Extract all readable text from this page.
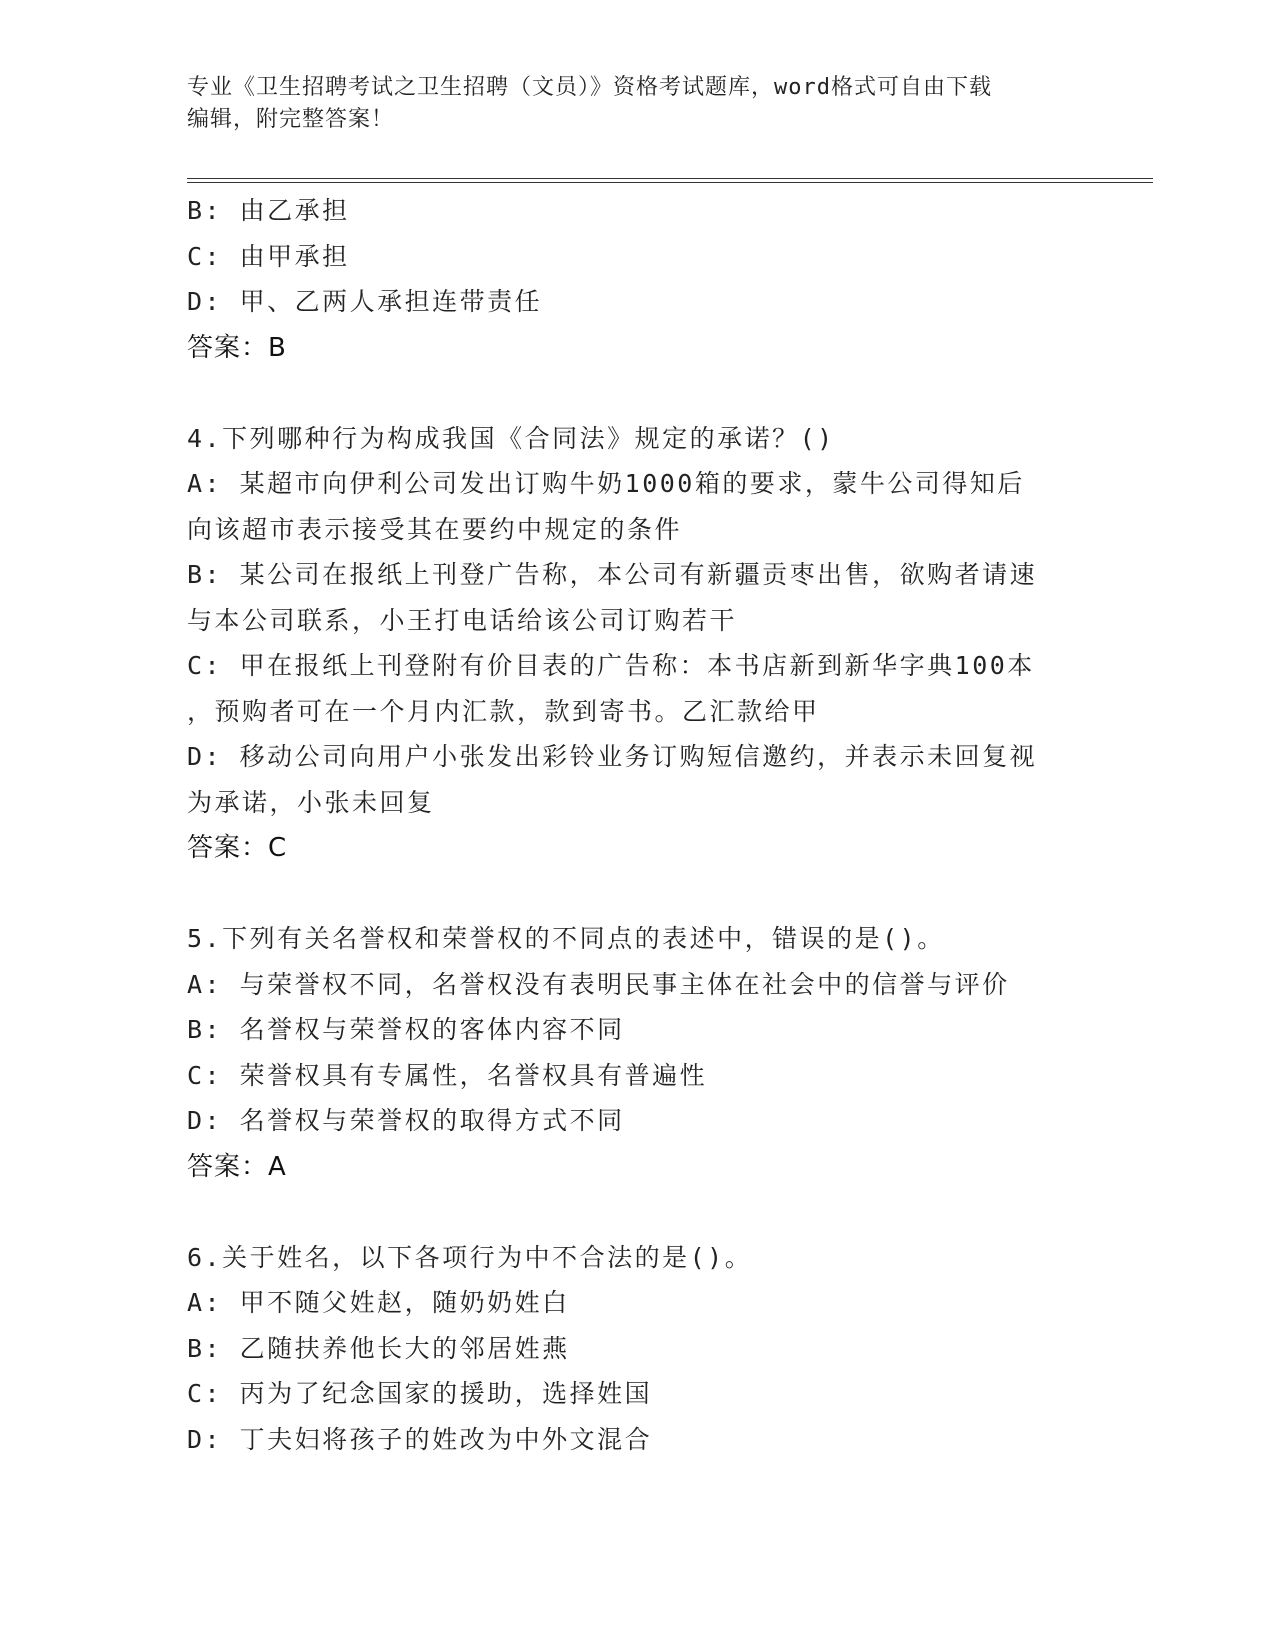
专业《卫生招聘考试之卫生招聘（文员）》资格考试题库，word格式可自由下载
编辑，附完整答案！
B: 由乙承担
C: 由甲承担
D: 甲、乙两人承担连带责任
答案：B
4.下列哪种行为构成我国《合同法》规定的承诺？()
A: 某超市向伊利公司发出订购牛奶1000箱的要求，蒙牛公司得知后
向该超市表示接受其在要约中规定的条件
B: 某公司在报纸上刊登广告称，本公司有新疆贡枣出售，欲购者请速
与本公司联系，小王打电话给该公司订购若干
C: 甲在报纸上刊登附有价目表的广告称：本书店新到新华字典100本
，预购者可在一个月内汇款，款到寄书。乙汇款给甲
D: 移动公司向用户小张发出彩铃业务订购短信邀约，并表示未回复视
为承诺，小张未回复
答案：C
5.下列有关名誉权和荣誉权的不同点的表述中，错误的是()。
A: 与荣誉权不同，名誉权没有表明民事主体在社会中的信誉与评价
B: 名誉权与荣誉权的客体内容不同
C: 荣誉权具有专属性，名誉权具有普遍性
D: 名誉权与荣誉权的取得方式不同
答案：A
6.关于姓名，以下各项行为中不合法的是()。
A: 甲不随父姓赵，随奶奶姓白
B: 乙随扶养他长大的邻居姓燕
C: 丙为了纪念国家的援助，选择姓国
D: 丁夫妇将孩子的姓改为中外文混合
